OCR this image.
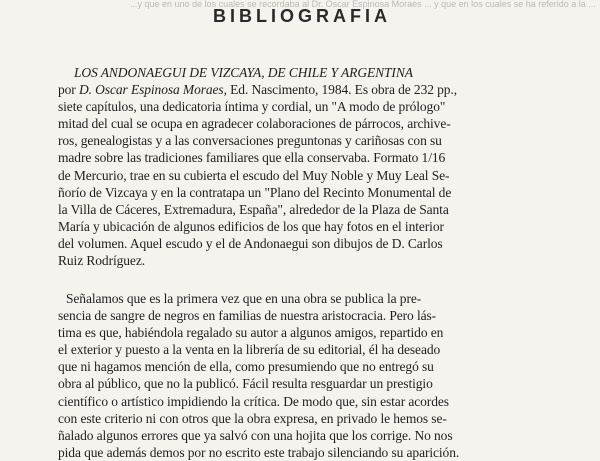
...y que en uno de los cuales se recordaba al Dr. Oscar Espinosa Moraes ... y que en los cuales se ha referido a la ...
BIBLIOGRAFIA

LOS ANDONAEGUI DE VIZCAYA, DE CHILE Y ARGENTINA
por D. Oscar Espinosa Moraes, Ed. Nascimento, 1984. Es obra de 232 pp.,
siete capítulos, una dedicatoria íntima y cordial, un "A modo de prólogo"
mitad del cual se ocupa en agradecer colaboraciones de párrocos, archive-
ros, genealogistas y a las conversaciones preguntonas y cariñosas con su
madre sobre las tradiciones familiares que ella conservaba. Formato 1/16
de Mercurio, trae en su cubierta el escudo del Muy Noble y Muy Leal Se-
ñorío de Vizcaya y en la contratapa un "Plano del Recinto Monumental de
la Villa de Cáceres, Extremadura, España", alrededor de la Plaza de Santa
María y ubicación de algunos edificios de los que hay fotos en el interior
del volumen. Aquel escudo y el de Andonaegui son dibujos de D. Carlos
Ruiz Rodríguez.

Señalamos que es la primera vez que en una obra se publica la pre-
sencia de sangre de negros en familias de nuestra aristocracia. Pero lás-
tima es que, habiéndola regalado su autor a algunos amigos, repartido en
el exterior y puesto a la venta en la librería de su editorial, él ha deseado
que ni hagamos mención de ella, como presumiendo que no entregó su
obra al público, que no la publicó. Fácil resulta resguardar un prestigio
científico o artístico impidiendo la crítica. De modo que, sin estar acordes
con este criterio ni con otros que la obra expresa, en privado le hemos se-
ñalado algunos errores que ya salvó con una hojita que los corrige. No nos
pida que además demos por no escrito este trabajo silenciando su aparición.
